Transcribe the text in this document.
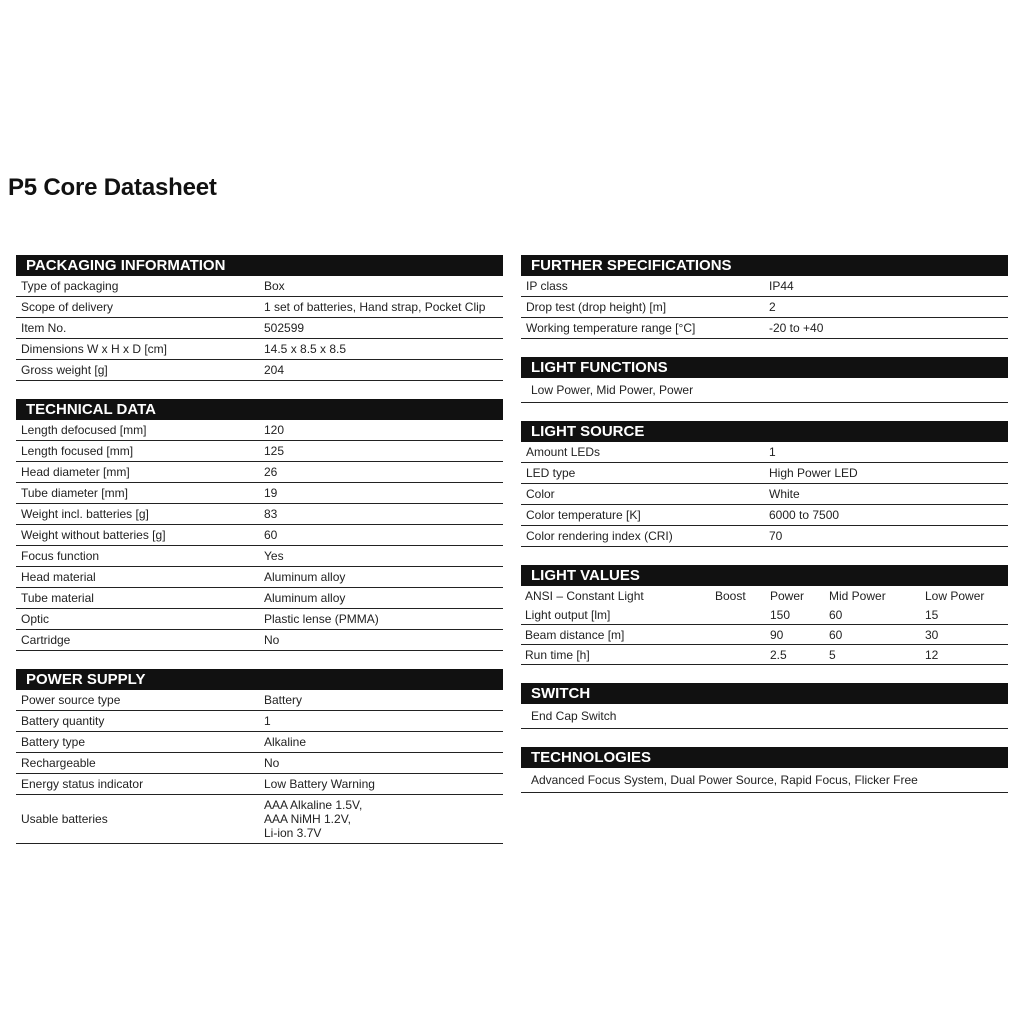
P5 Core Datasheet
PACKAGING INFORMATION
Type of packaging	Box
Scope of delivery	1 set of batteries, Hand strap, Pocket Clip
Item No.	502599
Dimensions W x H x D [cm]	14.5 x 8.5 x 8.5
Gross weight [g]	204
TECHNICAL DATA
Length defocused [mm]	120
Length focused [mm]	125
Head diameter [mm]	26
Tube diameter [mm]	19
Weight incl. batteries [g]	83
Weight without batteries [g]	60
Focus function	Yes
Head material	Aluminum alloy
Tube material	Aluminum alloy
Optic	Plastic lense (PMMA)
Cartridge	No
POWER SUPPLY
Power source type	Battery
Battery quantity	1
Battery type	Alkaline
Rechargeable	No
Energy status indicator	Low Battery Warning
Usable batteries	AAA Alkaline 1.5V,
AAA NiMH 1.2V,
Li-ion 3.7V
FURTHER SPECIFICATIONS
IP class	IP44
Drop test (drop height) [m]	2
Working temperature range [°C]	-20 to +40
LIGHT FUNCTIONS
Low Power, Mid Power, Power
LIGHT SOURCE
Amount LEDs	1
LED type	High Power LED
Color	White
Color temperature [K]	6000 to 7500
Color rendering index (CRI)	70
LIGHT VALUES
ANSI – Constant Light	Boost	Power	Mid Power	Low Power
Light output [lm]		150	60	15
Beam distance [m]		90	60	30
Run time [h]		2.5	5	12
SWITCH
End Cap Switch
TECHNOLOGIES
Advanced Focus System, Dual Power Source, Rapid Focus, Flicker Free
